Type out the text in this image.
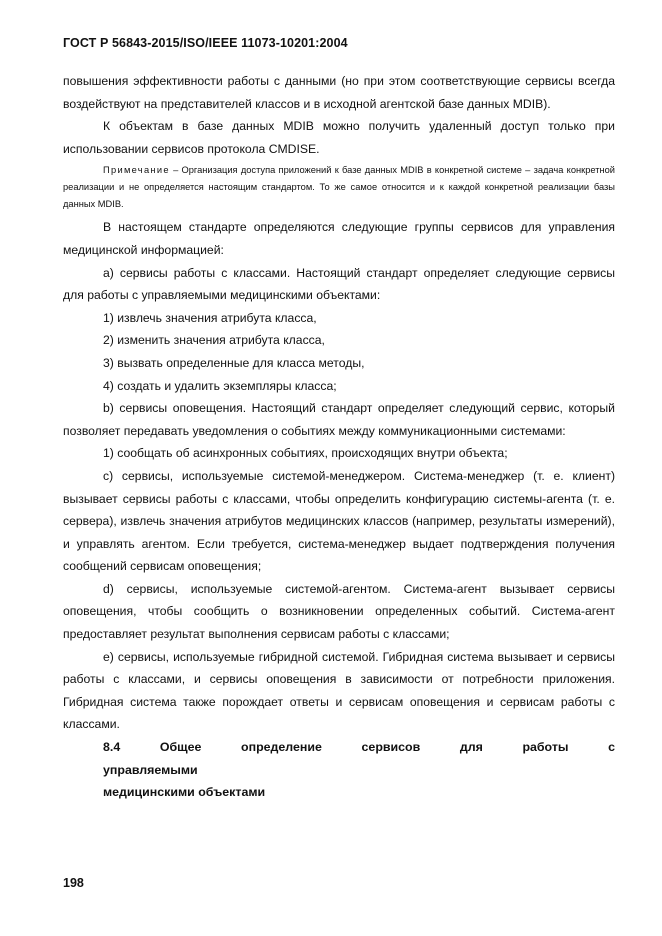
ГОСТ Р 56843-2015/ISO/IEEE 11073-10201:2004

повышения эффективности работы с данными (но при этом соответствующие сервисы всегда воздействуют на представителей классов и в исходной агентской базе данных MDIB).

К объектам в базе данных MDIB можно получить удаленный доступ только при использовании сервисов протокола CMDISE.

Примечание – Организация доступа приложений к базе данных MDIB в конкретной системе – задача конкретной реализации и не определяется настоящим стандартом. То же самое относится и к каждой конкретной реализации базы данных MDIB.

В настоящем стандарте определяются следующие группы сервисов для управления медицинской информацией:

a) сервисы работы с классами. Настоящий стандарт определяет следующие сервисы для работы с управляемыми медицинскими объектами:

1) извлечь значения атрибута класса,

2) изменить значения атрибута класса,

3) вызвать определенные для класса методы,

4) создать и удалить экземпляры класса;

b) сервисы оповещения. Настоящий стандарт определяет следующий сервис, который позволяет передавать уведомления о событиях между коммуникационными системами:

1) сообщать об асинхронных событиях, происходящих внутри объекта;

c) сервисы, используемые системой-менеджером. Система-менеджер (т. е. клиент) вызывает сервисы работы с классами, чтобы определить конфигурацию системы-агента (т. е. сервера), извлечь значения атрибутов медицинских классов (например, результаты измерений), и управлять агентом. Если требуется, система-менеджер выдает подтверждения получения сообщений сервисам оповещения;

d) сервисы, используемые системой-агентом. Система-агент вызывает сервисы оповещения, чтобы сообщить о возникновении определенных событий. Система-агент предоставляет результат выполнения сервисам работы с классами;

e) сервисы, используемые гибридной системой. Гибридная система вызывает и сервисы работы с классами, и сервисы оповещения в зависимости от потребности приложения. Гибридная система также порождает ответы и сервисам оповещения и сервисам работы с классами.

8.4 Общее определение сервисов для работы с управляемыми
медицинскими объектами
198
